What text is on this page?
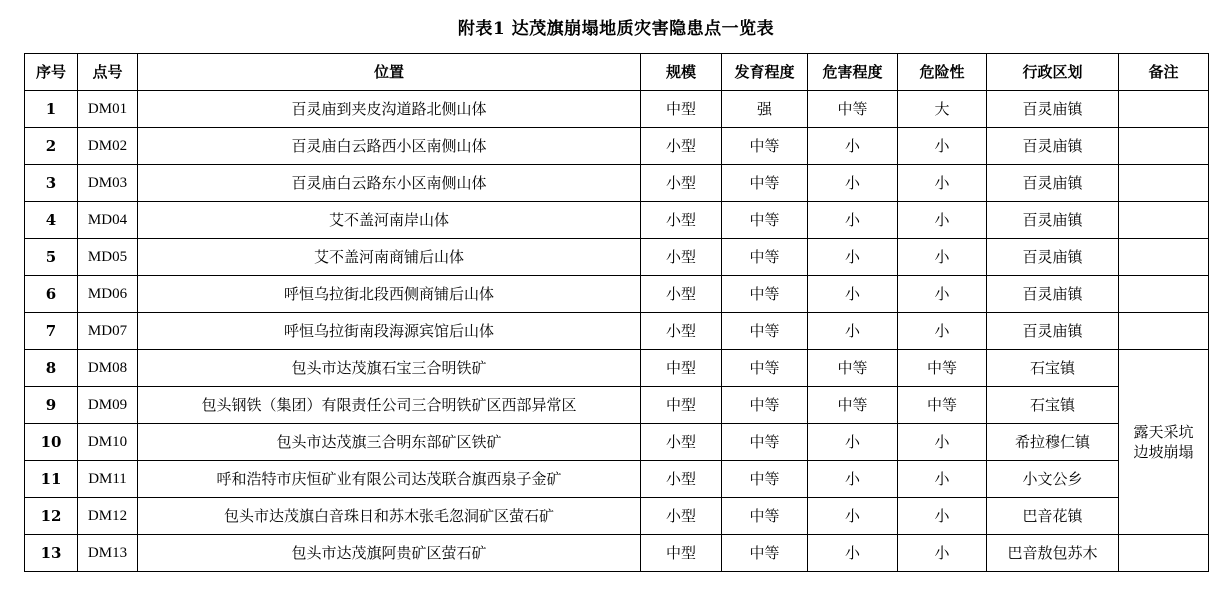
附表1 达茂旗崩塌地质灾害隐患点一览表
序号	点号	位置	规模	发育程度	危害程度	危险性	行政区划	备注
1	DM01	百灵庙到夹皮沟道路北侧山体	中型	强	中等	大	百灵庙镇	
2	DM02	百灵庙白云路西小区南侧山体	小型	中等	小	小	百灵庙镇	
3	DM03	百灵庙白云路东小区南侧山体	小型	中等	小	小	百灵庙镇	
4	MD04	艾不盖河南岸山体	小型	中等	小	小	百灵庙镇	
5	MD05	艾不盖河南商铺后山体	小型	中等	小	小	百灵庙镇	
6	MD06	呼恒乌拉街北段西侧商铺后山体	小型	中等	小	小	百灵庙镇	
7	MD07	呼恒乌拉街南段海源宾馆后山体	小型	中等	小	小	百灵庙镇	
8	DM08	包头市达茂旗石宝三合明铁矿	中型	中等	中等	中等	石宝镇	露天采坑
边坡崩塌

9	DM09	包头钢铁（集团）有限责任公司三合明铁矿区西部异常区	中型	中等	中等	中等	石宝镇	
10	DM10	包头市达茂旗三合明东部矿区铁矿	小型	中等	小	小	希拉穆仁镇	
11	DM11	呼和浩特市庆恒矿业有限公司达茂联合旗西泉子金矿	小型	中等	小	小	小文公乡	
12	DM12	包头市达茂旗白音珠日和苏木张毛忽洞矿区萤石矿	小型	中等	小	小	巴音花镇	
13	DM13	包头市达茂旗阿贵矿区萤石矿	中型	中等	小	小	巴音敖包苏木	
